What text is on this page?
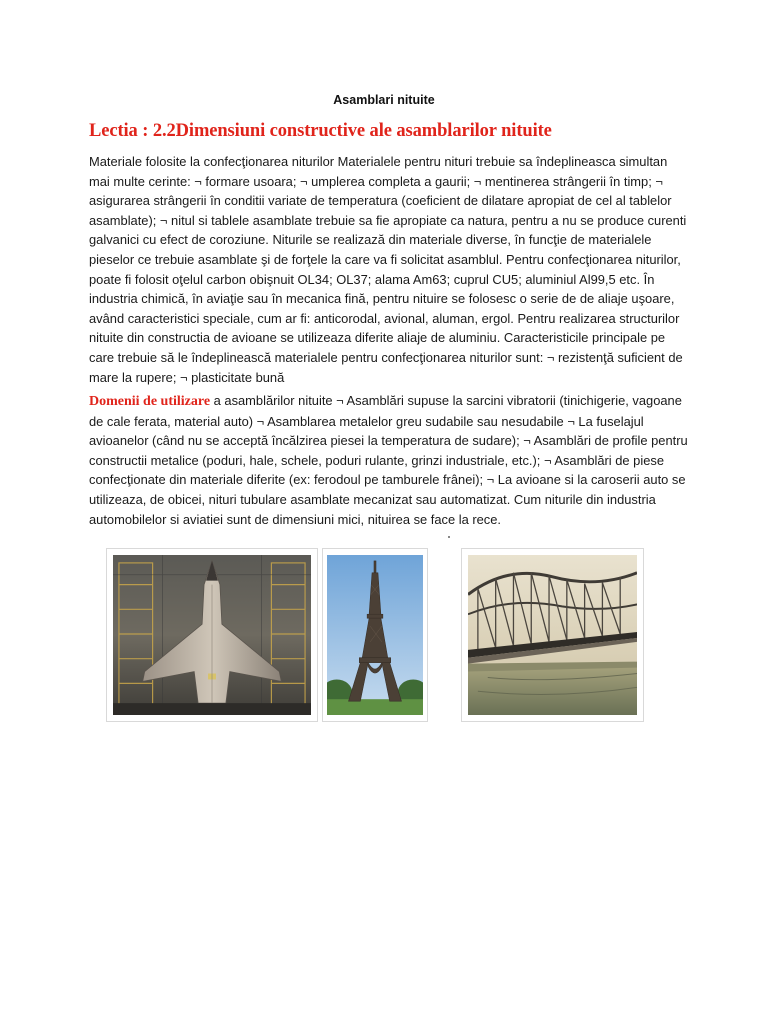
Asamblari nituite
Lectia : 2.2Dimensiuni constructive ale asamblarilor nituite
Materiale folosite la confecţionarea niturilor Materialele pentru nituri trebuie sa îndeplineasca simultan mai multe cerinte: ¬ formare usoara; ¬ umplerea completa a gaurii; ¬ mentinerea strângerii în timp; ¬ asigurarea strângerii în conditii variate de temperatura (coeficient de dilatare apropiat de cel al tablelor asamblate); ¬ nitul si tablele asamblate trebuie sa fie apropiate ca natura, pentru a nu se produce curenti galvanici cu efect de coroziune. Niturile se realizază din materiale diverse, în funcţie de materialele pieselor ce trebuie asamblate şi de forţele la care va fi solicitat asamblul. Pentru confecţionarea niturilor, poate fi folosit oţelul carbon obişnuit OL34; OL37; alama Am63; cuprul CU5; aluminiul Al99,5 etc. În industria chimică, în aviaţie sau în mecanica fină, pentru nituire se folosesc o serie de de aliaje uşoare, având caracteristici speciale, cum ar fi: anticorodal, avional, aluman, ergol. Pentru realizarea structurilor nituite din constructia de avioane se utilizeaza diferite aliaje de aluminiu. Caracteristicile principale pe care trebuie să le îndeplinească materialele pentru confecţionarea niturilor sunt: ¬ rezistenţă suficient de mare la rupere; ¬ plasticitate bună
Domenii de utilizare a asamblărilor nituite ¬ Asamblări supuse la sarcini vibratorii (tinichigerie, vagoane de cale ferata, material auto) ¬ Asamblarea metalelor greu sudabile sau nesudabile ¬ La fuselajul avioanelor (când nu se acceptă încălzirea piesei la temperatura de sudare); ¬ Asamblări de profile pentru constructii metalice (poduri, hale, schele, poduri rulante, grinzi industriale, etc.); ¬ Asamblări de piese confecţionate din materiale diferite (ex: ferodoul pe tamburele frânei); ¬ La avioane si la caroserii auto se utilizeaza, de obicei, nituri tubulare asamblate mecanizat sau automatizat. Cum niturile din industria automobilelor si aviatiei sunt de dimensiuni mici, nituirea se face la rece.
